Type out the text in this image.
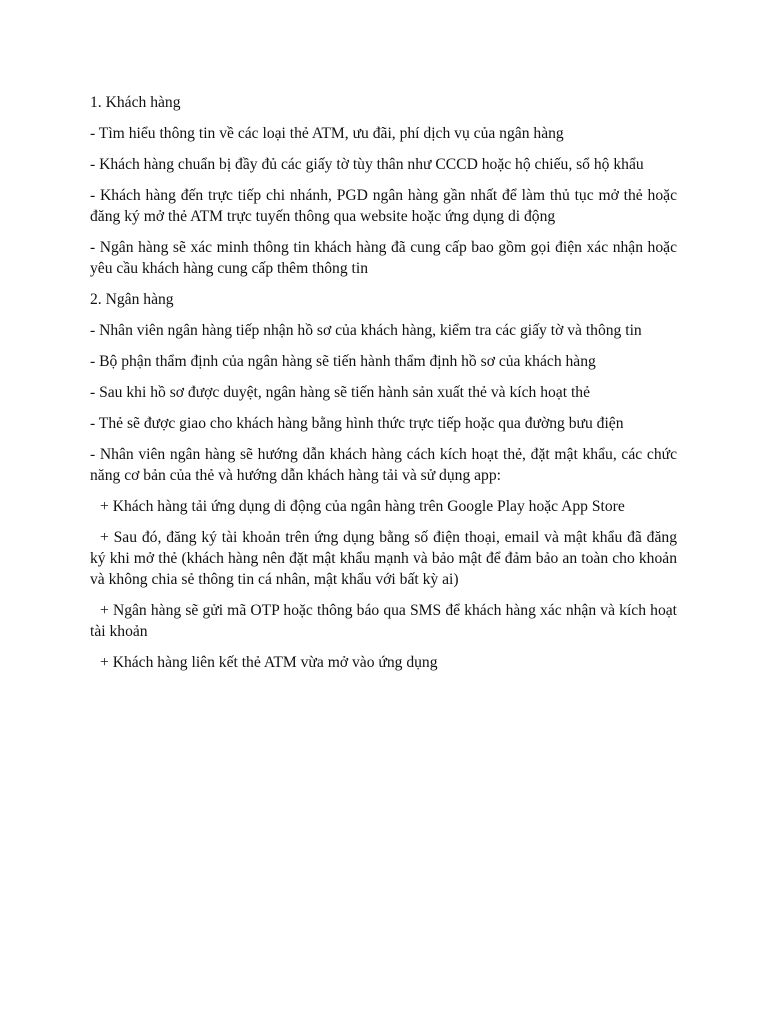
1. Khách hàng

- Tìm hiểu thông tin về các loại thẻ ATM, ưu đãi, phí dịch vụ của ngân hàng

- Khách hàng chuẩn bị đầy đủ các giấy tờ tùy thân như CCCD hoặc hộ chiếu, sổ hộ khẩu

- Khách hàng đến trực tiếp chi nhánh, PGD ngân hàng gần nhất để làm thủ tục mở thẻ hoặc đăng ký mở thẻ ATM trực tuyến thông qua website hoặc ứng dụng di động

- Ngân hàng sẽ xác minh thông tin khách hàng đã cung cấp bao gồm gọi điện xác nhận hoặc yêu cầu khách hàng cung cấp thêm thông tin

2. Ngân hàng

- Nhân viên ngân hàng tiếp nhận hồ sơ của khách hàng, kiểm tra các giấy tờ và thông tin

- Bộ phận thẩm định của ngân hàng sẽ tiến hành thẩm định hồ sơ của khách hàng

- Sau khi hồ sơ được duyệt, ngân hàng sẽ tiến hành sản xuất thẻ và kích hoạt thẻ

- Thẻ sẽ được giao cho khách hàng bằng hình thức trực tiếp hoặc qua đường bưu điện

- Nhân viên ngân hàng sẽ hướng dẫn khách hàng cách kích hoạt thẻ, đặt mật khẩu, các chức năng cơ bản của thẻ và hướng dẫn khách hàng tải và sử dụng app:

+ Khách hàng tải ứng dụng di động của ngân hàng trên Google Play hoặc App Store

+ Sau đó, đăng ký tài khoản trên ứng dụng bằng số điện thoại, email và mật khẩu đã đăng ký khi mở thẻ (khách hàng nên đặt mật khẩu mạnh và bảo mật để đảm bảo an toàn cho khoản và không chia sẻ thông tin cá nhân, mật khẩu với bất kỳ ai)

+ Ngân hàng sẽ gửi mã OTP hoặc thông báo qua SMS để khách hàng xác nhận và kích hoạt tài khoản

+ Khách hàng liên kết thẻ ATM vừa mở vào ứng dụng
